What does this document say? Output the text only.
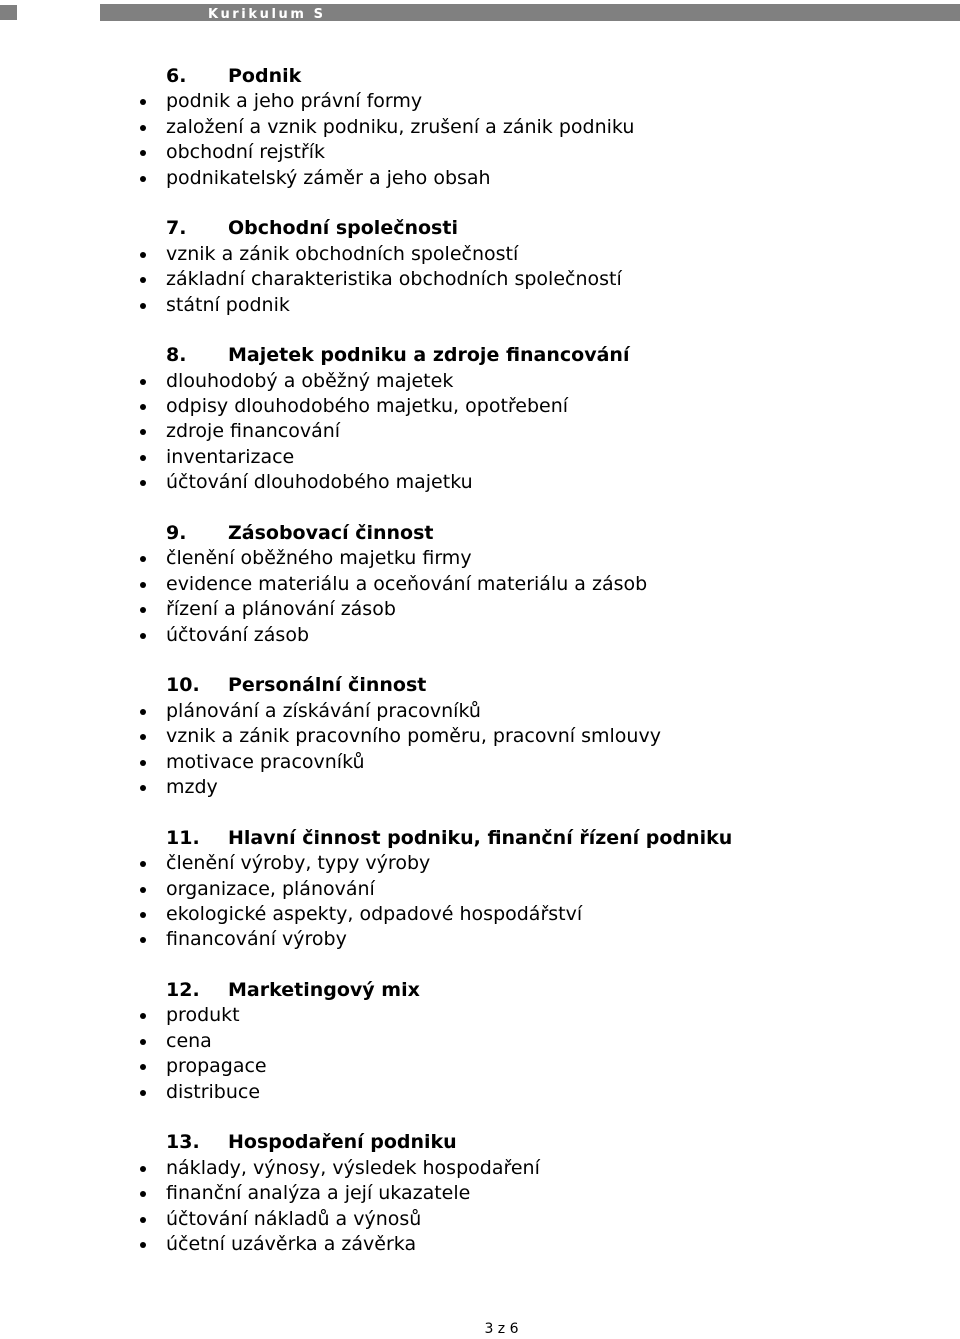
Kurikulum S
6. Podnik
podnik a jeho právní formy
založení a vznik podniku, zrušení a zánik podniku
obchodní rejstřík
podnikatelský záměr a jeho obsah
7. Obchodní společnosti
vznik a zánik obchodních společností
základní charakteristika obchodních společností
státní podnik
8. Majetek podniku a zdroje financování
dlouhodobý a oběžný majetek
odpisy dlouhodobého majetku, opotřebení
zdroje financování
inventarizace
účtování dlouhodobého majetku
9. Zásobovací činnost
členění oběžného majetku firmy
evidence materiálu a oceňování materiálu a zásob
řízení a plánování zásob
účtování zásob
10. Personální činnost
plánování a získávání pracovníků
vznik a zánik pracovního poměru, pracovní smlouvy
motivace pracovníků
mzdy
11. Hlavní činnost podniku, finanční řízení podniku
členění výroby, typy výroby
organizace, plánování
ekologické aspekty, odpadové hospodářství
financování výroby
12. Marketingový mix
produkt
cena
propagace
distribuce
13. Hospodaření podniku
náklady, výnosy, výsledek hospodaření
finanční analýza a její ukazatele
účtování nákladů a výnosů
účetní uzávěrka a závěrka
3 z 6
